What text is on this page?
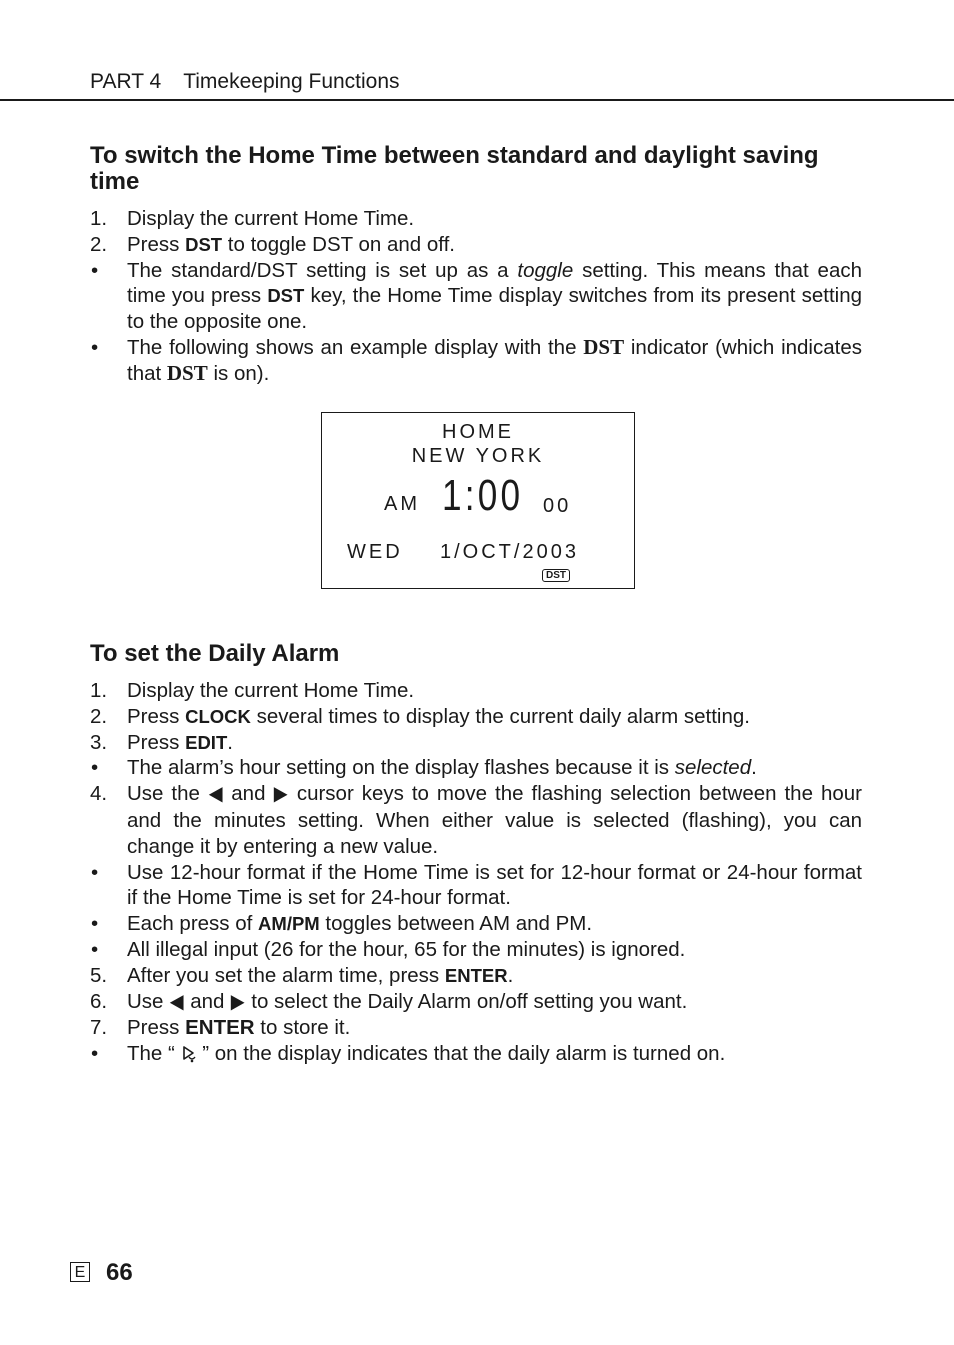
PART 4 Timekeeping Functions
To switch the Home Time between standard and daylight saving time
1. Display the current Home Time.
2. Press DST to toggle DST on and off.
• The standard/DST setting is set up as a toggle setting. This means that each time you press DST key, the Home Time display switches from its present setting to the opposite one.
• The following shows an example display with the DST indicator (which indicates that DST is on).
HOME
NEW YORK
AM 1:00 00
WED 1/OCT/2003
DST
To set the Daily Alarm
1. Display the current Home Time.
2. Press CLOCK several times to display the current daily alarm setting.
3. Press EDIT.
• The alarm’s hour setting on the display flashes because it is selected.
4. Use the ◀ and ▶ cursor keys to move the flashing selection between the hour and the minutes setting. When either value is selected (flashing), you can change it by entering a new value.
• Use 12-hour format if the Home Time is set for 12-hour format or 24-hour format if the Home Time is set for 24-hour format.
• Each press of AM/PM toggles between AM and PM.
• All illegal input (26 for the hour, 65 for the minutes) is ignored.
5. After you set the alarm time, press ENTER.
6. Use ◀ and ▶ to select the Daily Alarm on/off setting you want.
7. Press ENTER to store it.
• The “  ” on the display indicates that the daily alarm is turned on.
E 66
